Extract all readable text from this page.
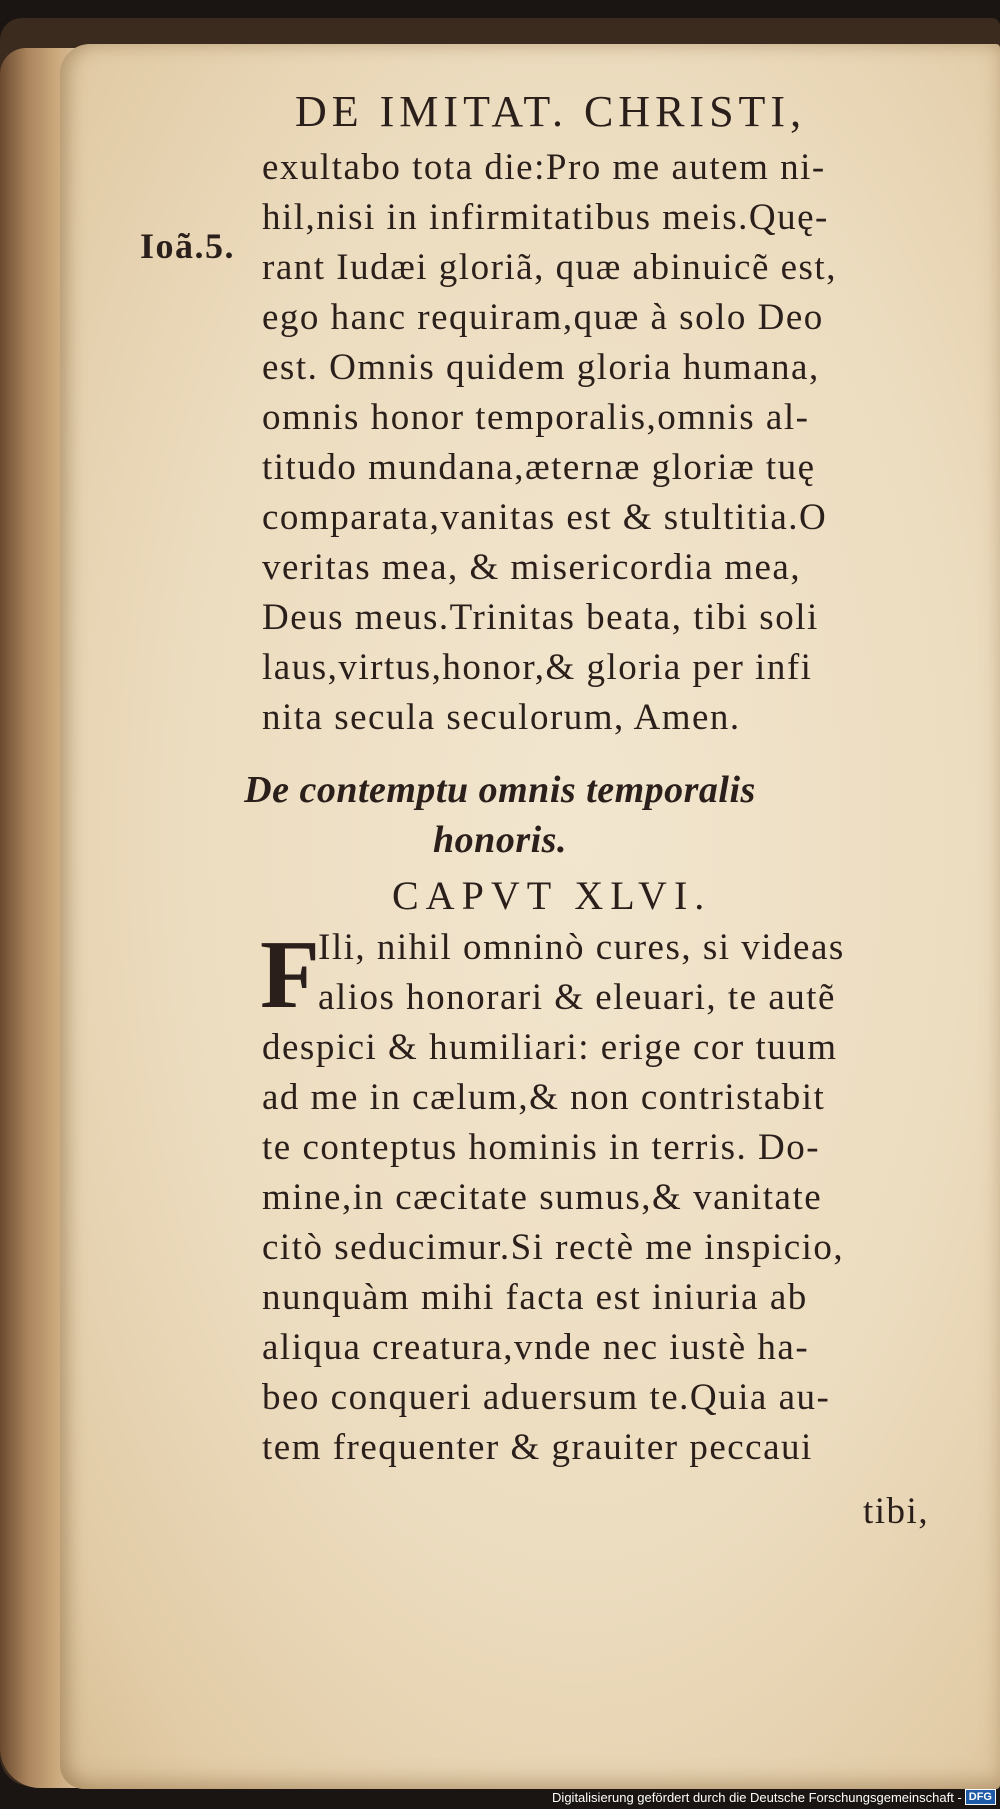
DE IMITAT. CHRISTI,
Ioã.5.
exultabo tota die:Pro me autem ni-
hil,nisi in infirmitatibus meis.Quę-
rant Iudæi gloriã, quæ abinuicẽ est,
ego hanc requiram,quæ à solo Deo
est. Omnis quidem gloria humana,
omnis honor temporalis,omnis al-
titudo mundana,æternæ gloriæ tuę
comparata,vanitas est & stultitia.O
veritas mea, & misericordia mea,
Deus meus.Trinitas beata, tibi soli
laus,virtus,honor,& gloria per infi
nita secula seculorum, Amen.
De contemptu omnis temporalis
honoris.
CAPVT XLVI.
F
Ili, nihil omninò cures, si videas
alios honorari & eleuari, te autẽ
despici & humiliari: erige cor tuum
ad me in cælum,& non contristabit
te conteptus hominis in terris. Do-
mine,in cæcitate sumus,& vanitate
citò seducimur.Si rectè me inspicio,
nunquàm mihi facta est iniuria ab
aliqua creatura,vnde nec iustè ha-
beo conqueri aduersum te.Quia au-
tem frequenter & grauiter peccaui
tibi,
Digitalisierung gefördert durch die Deutsche Forschungsgemeinschaft - DFG
